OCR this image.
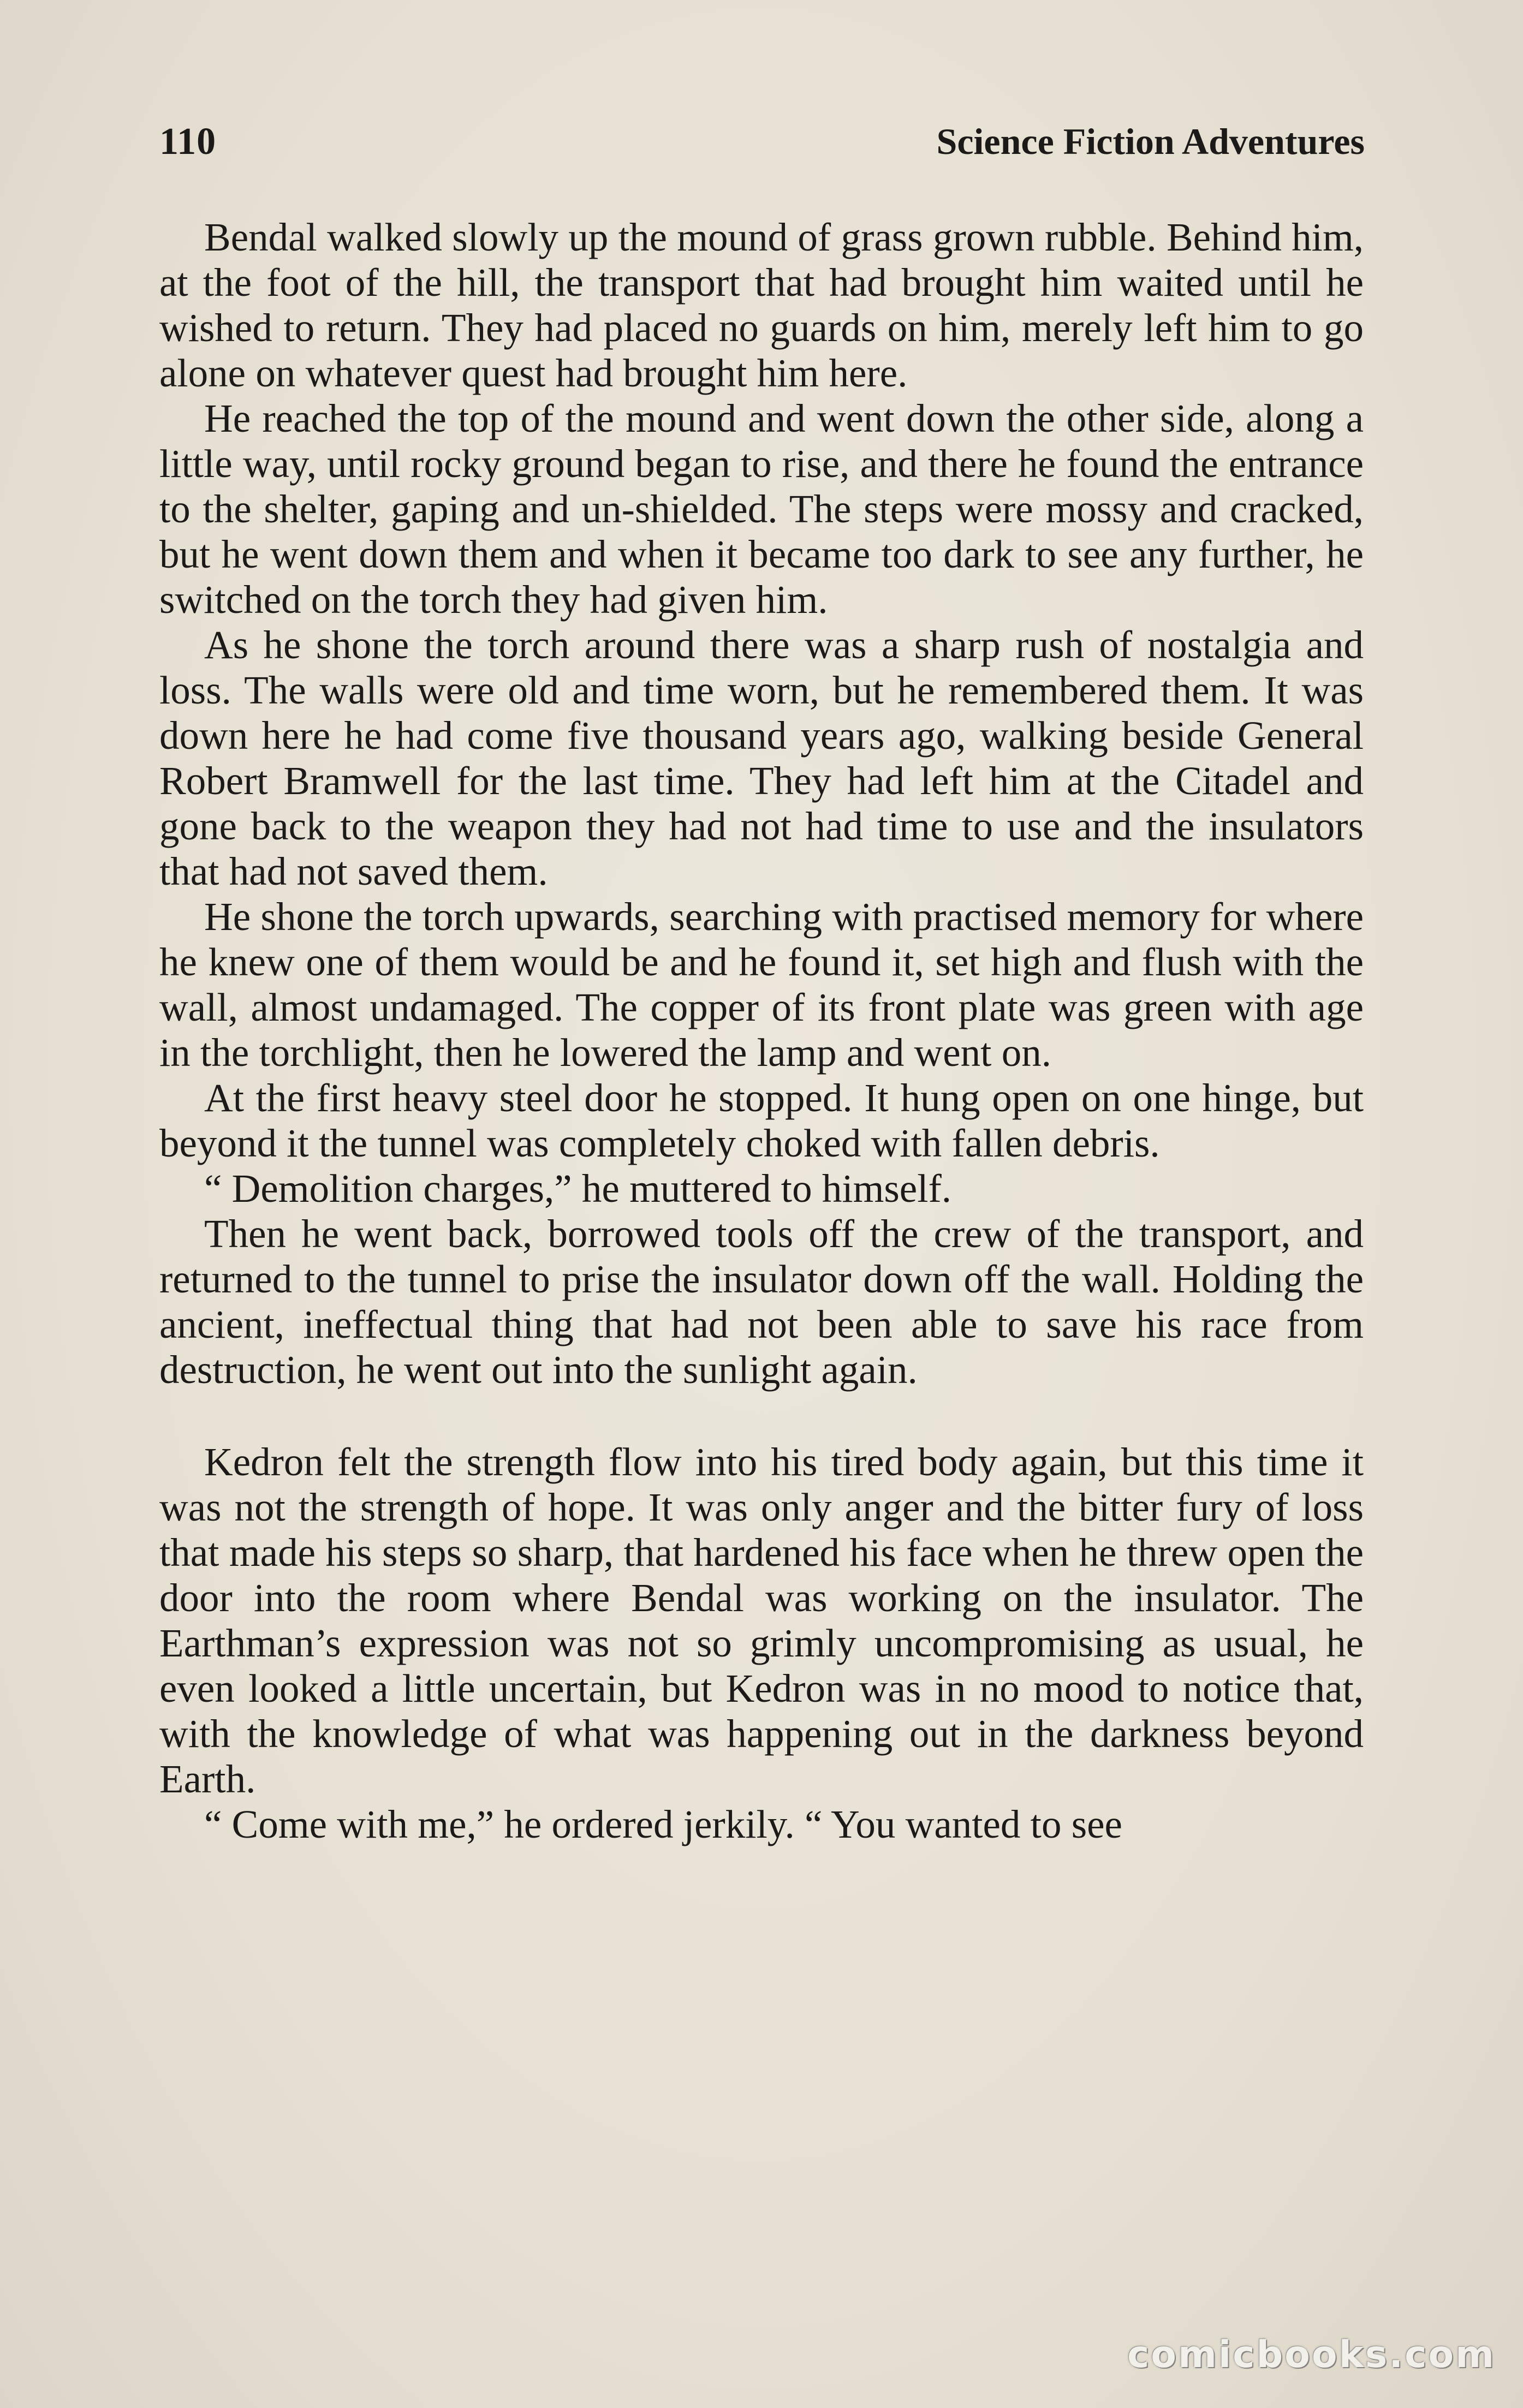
110	Science Fiction Adventures

Bendal walked slowly up the mound of grass grown rubble. Behind him, at the foot of the hill, the transport that had brought him waited until he wished to return. They had placed no guards on him, merely left him to go alone on whatever quest had brought him here.

He reached the top of the mound and went down the other side, along a little way, until rocky ground began to rise, and there he found the entrance to the shelter, gaping and un-shielded. The steps were mossy and cracked, but he went down them and when it became too dark to see any further, he switched on the torch they had given him.

As he shone the torch around there was a sharp rush of nostalgia and loss. The walls were old and time worn, but he remembered them. It was down here he had come five thousand years ago, walking beside General Robert Bramwell for the last time. They had left him at the Citadel and gone back to the weapon they had not had time to use and the insulators that had not saved them.

He shone the torch upwards, searching with practised memory for where he knew one of them would be and he found it, set high and flush with the wall, almost undamaged. The copper of its front plate was green with age in the torchlight, then he lowered the lamp and went on.

At the first heavy steel door he stopped. It hung open on one hinge, but beyond it the tunnel was completely choked with fallen debris.

“ Demolition charges,” he muttered to himself.

Then he went back, borrowed tools off the crew of the transport, and returned to the tunnel to prise the insulator down off the wall. Holding the ancient, ineffectual thing that had not been able to save his race from destruction, he went out into the sunlight again.

Kedron felt the strength flow into his tired body again, but this time it was not the strength of hope. It was only anger and the bitter fury of loss that made his steps so sharp, that hardened his face when he threw open the door into the room where Bendal was working on the insulator. The Earthman’s expression was not so grimly uncompromising as usual, he even looked a little uncertain, but Kedron was in no mood to notice that, with the knowledge of what was happening out in the darkness beyond Earth.

“ Come with me,” he ordered jerkily. “ You wanted to see

comicbooks.com
